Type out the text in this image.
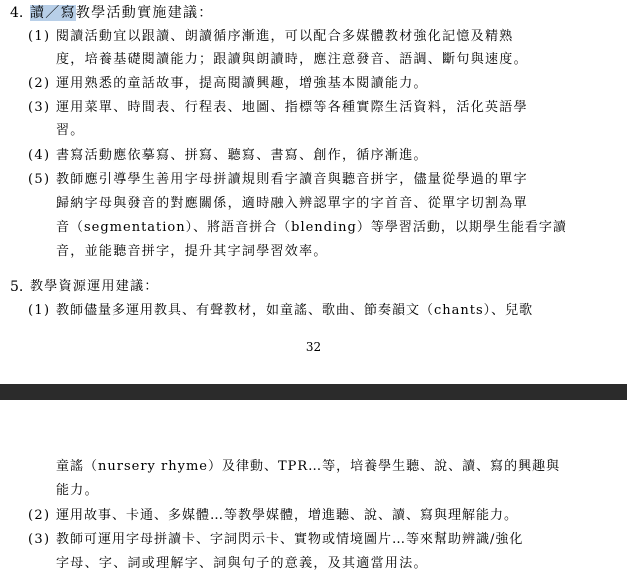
4. 讀／寫教學活動實施建議：
(1) 閱讀活動宜以跟讀、朗讀循序漸進，可以配合多媒體教材強化記憶及精熟
度，培養基礎閱讀能力；跟讀與朗讀時，應注意發音、語調、斷句與速度。
(2) 運用熟悉的童話故事，提高閱讀興趣，增強基本閱讀能力。
(3) 運用菜單、時間表、行程表、地圖、指標等各種實際生活資料，活化英語學
習。
(4) 書寫活動應依摹寫、拼寫、聽寫、書寫、創作，循序漸進。
(5) 教師應引導學生善用字母拼讀規則看字讀音與聽音拼字，儘量從學過的單字
歸納字母與發音的對應關係，適時融入辨認單字的字首音、從單字切割為單
音（segmentation）、將語音拼合（blending）等學習活動，以期學生能看字讀
音，並能聽音拼字，提升其字詞學習效率。
5. 教學資源運用建議：
(1) 教師儘量多運用教具、有聲教材，如童謠、歌曲、節奏韻文（chants）、兒歌
32
童謠（nursery rhyme）及律動、TPR…等，培養學生聽、說、讀、寫的興趣與
能力。
(2) 運用故事、卡通、多媒體…等教學媒體，增進聽、說、讀、寫與理解能力。
(3) 教師可運用字母拼讀卡、字詞閃示卡、實物或情境圖片…等來幫助辨識/強化
字母、字、詞或理解字、詞與句子的意義，及其適當用法。
